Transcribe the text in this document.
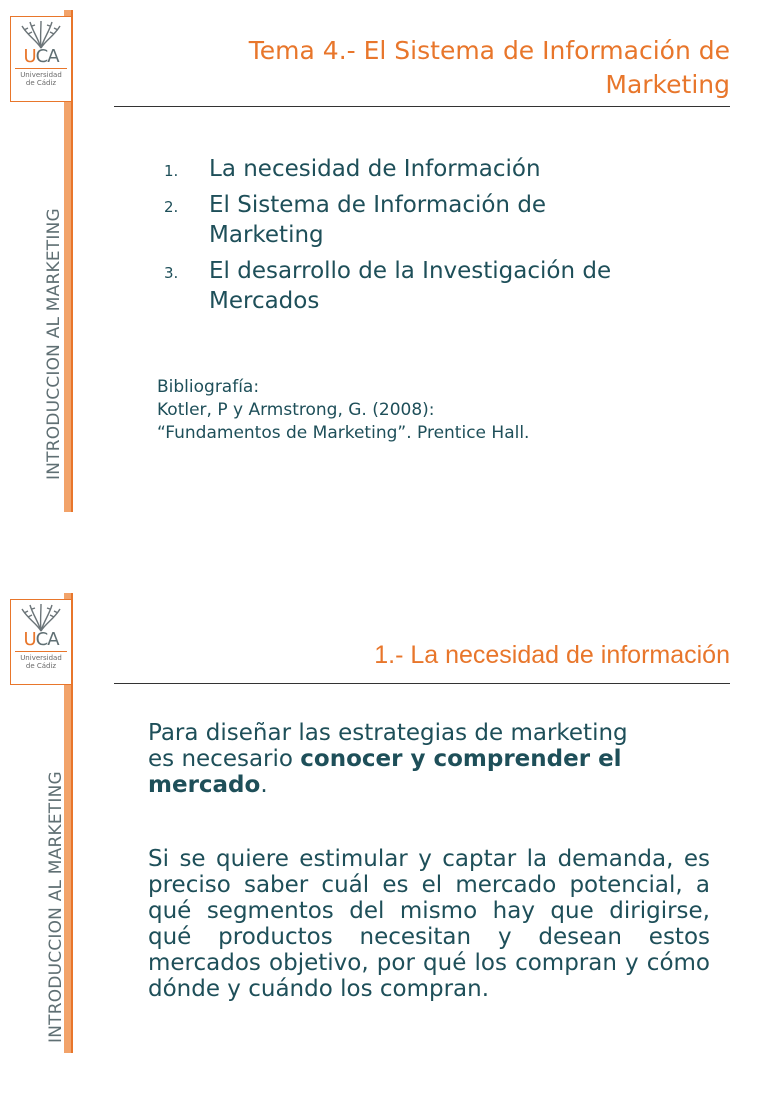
UCA
Universidad
de Cádiz
INTRODUCCION AL MARKETING
Tema 4.- El Sistema de Información de
Marketing
1. La necesidad de Información
2. El Sistema de Información de
Marketing
3. El desarrollo de la Investigación de
Mercados
Bibliografía:
Kotler, P y Armstrong, G. (2008):
“Fundamentos de Marketing”. Prentice Hall.
UCA
Universidad
de Cádiz
INTRODUCCION AL MARKETING
1.- La necesidad de información
Para diseñar las estrategias de marketing
es necesario conocer y comprender el
mercado.
Si se quiere estimular y captar la demanda, es preciso saber cuál es el mercado potencial, a qué segmentos del mismo hay que dirigirse, qué productos necesitan y desean estos mercados objetivo, por qué los compran y cómo dónde y cuándo los compran.
